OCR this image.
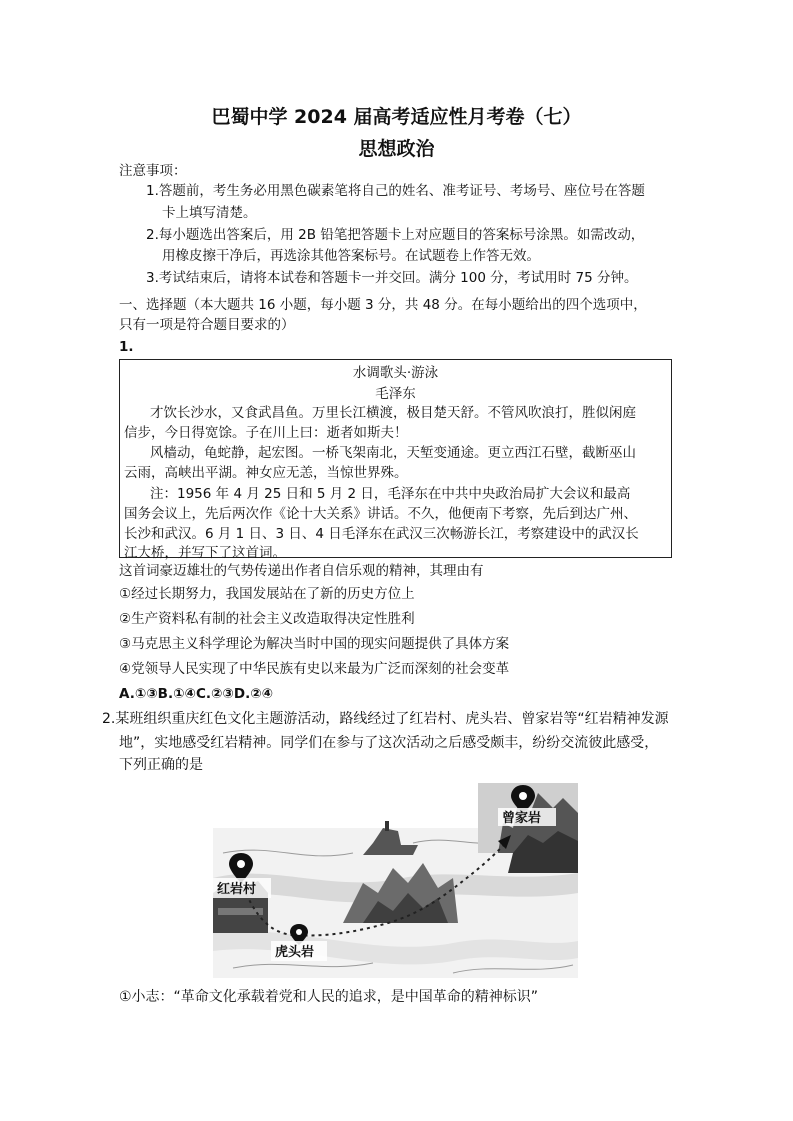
巴蜀中学 2024 届高考适应性月考卷（七）
思想政治
注意事项：
1.答题前，考生务必用黑色碳素笔将自己的姓名、准考证号、考场号、座位号在答题
卡上填写清楚。
2.每小题选出答案后，用 2B 铅笔把答题卡上对应题目的答案标号涂黑。如需改动，
用橡皮擦干净后，再选涂其他答案标号。在试题卷上作答无效。
3.考试结束后，请将本试卷和答题卡一并交回。满分 100 分，考试用时 75 分钟。
一、选择题（本大题共 16 小题，每小题 3 分，共 48 分。在每小题给出的四个选项中，
只有一项是符合题目要求的）
1.
水调歌头·游泳
毛泽东
才饮长沙水，又食武昌鱼。万里长江横渡，极目楚天舒。不管风吹浪打，胜似闲庭
信步，今日得宽馀。子在川上曰：逝者如斯夫！
风樯动，龟蛇静，起宏图。一桥飞架南北，天堑变通途。更立西江石壁，截断巫山
云雨，高峡出平湖。神女应无恙，当惊世界殊。
注：1956 年 4 月 25 日和 5 月 2 日，毛泽东在中共中央政治局扩大会议和最高
国务会议上，先后两次作《论十大关系》讲话。不久，他便南下考察，先后到达广州、
长沙和武汉。6 月 1 日、3 日、4 日毛泽东在武汉三次畅游长江，考察建设中的武汉长
江大桥，并写下了这首词。
这首词豪迈雄壮的气势传递出作者自信乐观的精神，其理由有
①经过长期努力，我国发展站在了新的历史方位上
②生产资料私有制的社会主义改造取得决定性胜利
③马克思主义科学理论为解决当时中国的现实问题提供了具体方案
④党领导人民实现了中华民族有史以来最为广泛而深刻的社会变革
A.①③B.①④C.②③D.②④
2.某班组织重庆红色文化主题游活动，路线经过了红岩村、虎头岩、曾家岩等“红岩精神发源
地”，实地感受红岩精神。同学们在参与了这次活动之后感受颇丰，纷纷交流彼此感受，
下列正确的是
红岩村
虎头岩
曾家岩
①小志：“革命文化承载着党和人民的追求，是中国革命的精神标识”
